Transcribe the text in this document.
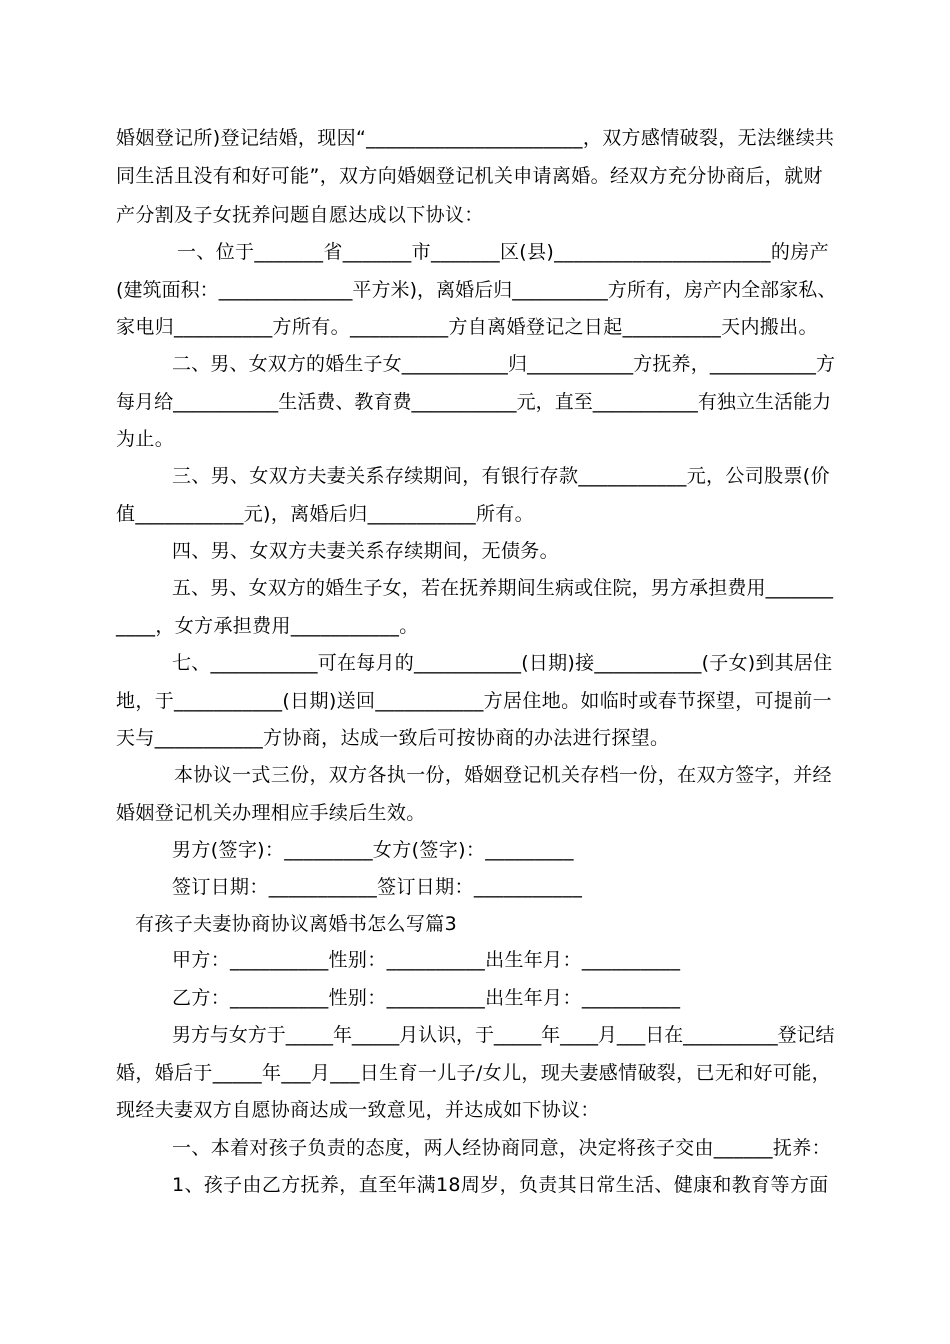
婚姻登记所)登记结婚，现因“______________________，双方感情破裂，无法继续共
同生活且没有和好可能”，双方向婚姻登记机关申请离婚。经双方充分协商后，就财
产分割及子女抚养问题自愿达成以下协议：
一、位于_______省_______市_______区(县)______________________的房产
(建筑面积：______________平方米)，离婚后归__________方所有，房产内全部家私、
家电归__________方所有。__________方自离婚登记之日起__________天内搬出。
二、男、女双方的婚生子女___________归___________方抚养，___________方
每月给___________生活费、教育费___________元，直至___________有独立生活能力
为止。
三、男、女双方夫妻关系存续期间，有银行存款___________元，公司股票(价
值___________元)，离婚后归___________所有。
四、男、女双方夫妻关系存续期间，无债务。
五、男、女双方的婚生子女，若在抚养期间生病或住院，男方承担费用_______
____，女方承担费用___________。
七、___________可在每月的___________(日期)接___________(子女)到其居住
地，于___________(日期)送回___________方居住地。如临时或春节探望，可提前一
天与___________方协商，达成一致后可按协商的办法进行探望。
本协议一式三份，双方各执一份，婚姻登记机关存档一份，在双方签字，并经
婚姻登记机关办理相应手续后生效。
男方(签字)：_________女方(签字)：_________
签订日期：___________签订日期：___________
有孩子夫妻协商协议离婚书怎么写篇3
甲方：__________性别：__________出生年月：__________
乙方：__________性别：__________出生年月：__________
男方与女方于_____年_____月认识，于_____年____月___日在__________登记结
婚，婚后于_____年___月___日生育一儿子/女儿，现夫妻感情破裂，已无和好可能，
现经夫妻双方自愿协商达成一致意见，并达成如下协议：
一、本着对孩子负责的态度，两人经协商同意，决定将孩子交由______抚养：
1、孩子由乙方抚养，直至年满18周岁，负责其日常生活、健康和教育等方面
